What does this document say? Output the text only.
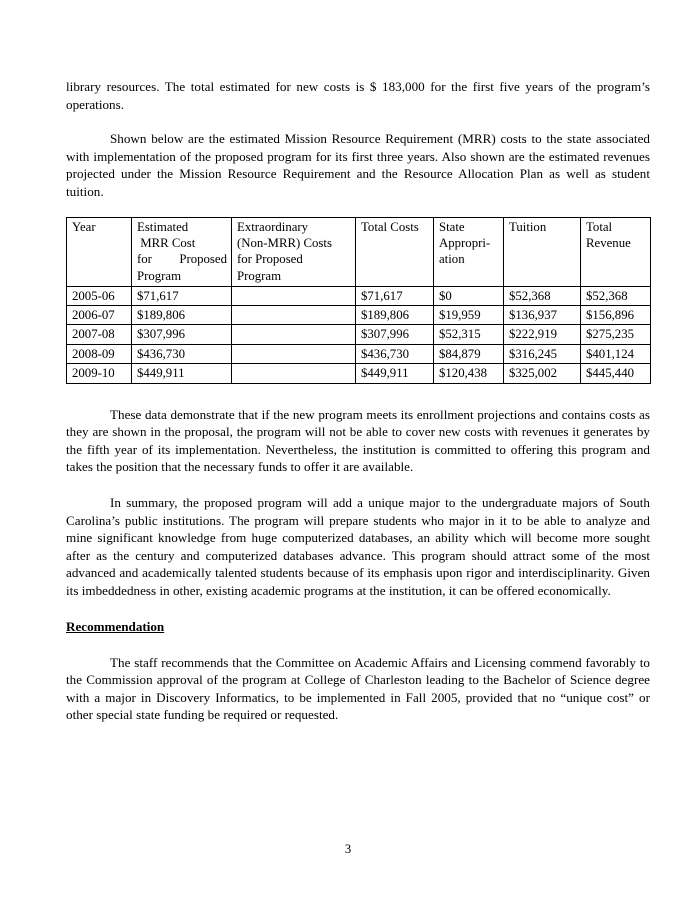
library resources. The total estimated for new costs is $ 183,000 for the first five years of the program’s operations.

Shown below are the estimated Mission Resource Requirement (MRR) costs to the state associated with implementation of the proposed program for its first three years. Also shown are the estimated revenues projected under the Mission Resource Requirement and the Resource Allocation Plan as well as student tuition.

Year	Estimated
MRR Cost
for Proposed
Program	Extraordinary
(Non-MRR) Costs
for Proposed
Program	Total Costs	State
Appropri-
ation	Tuition	Total
Revenue

2005-06	$71,617		$71,617	$0	$52,368	$52,368
2006-07	$189,806		$189,806	$19,959	$136,937	$156,896
2007-08	$307,996		$307,996	$52,315	$222,919	$275,235
2008-09	$436,730		$436,730	$84,879	$316,245	$401,124
2009-10	$449,911		$449,911	$120,438	$325,002	$445,440

These data demonstrate that if the new program meets its enrollment projections and contains costs as they are shown in the proposal, the program will not be able to cover new costs with revenues it generates by the fifth year of its implementation. Nevertheless, the institution is committed to offering this program and takes the position that the necessary funds to offer it are available.

In summary, the proposed program will add a unique major to the undergraduate majors of South Carolina’s public institutions. The program will prepare students who major in it to be able to analyze and mine significant knowledge from huge computerized databases, an ability which will become more sought after as the century and computerized databases advance. This program should attract some of the most advanced and academically talented students because of its emphasis upon rigor and interdisciplinarity. Given its imbeddedness in other, existing academic programs at the institution, it can be offered economically.

Recommendation

The staff recommends that the Committee on Academic Affairs and Licensing commend favorably to the Commission approval of the program at College of Charleston leading to the Bachelor of Science degree with a major in Discovery Informatics, to be implemented in Fall 2005, provided that no “unique cost” or other special state funding be required or requested.

3
